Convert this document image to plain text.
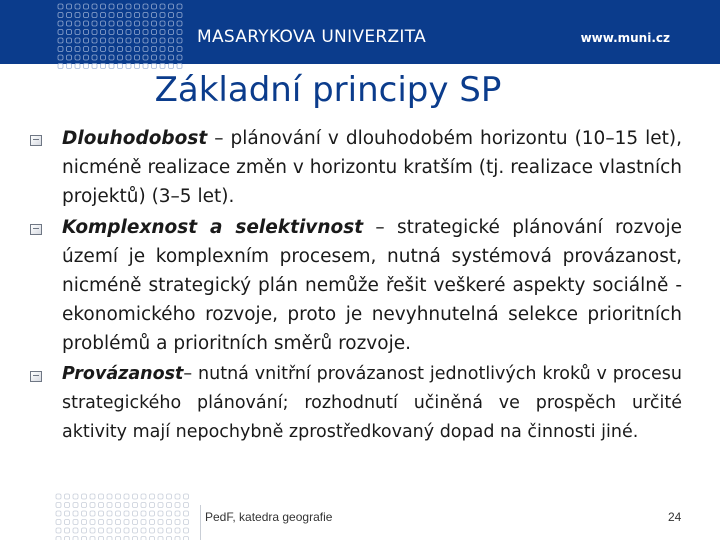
MASARYKOVA UNIVERZITA	www.muni.cz
Základní principy SP

Dlouhodobost – plánování v dlouhodobém horizontu (10–15 let), nicméně realizace změn v horizontu kratším (tj. realizace vlastních projektů) (3–5 let).

Komplexnost a selektivnost – strategické plánování rozvoje území je komplexním procesem, nutná systémová provázanost, nicméně strategický plán nemůže řešit veškeré aspekty sociálně -ekonomického rozvoje, proto je nevyhnutelná selekce prioritních problémů a prioritních směrů rozvoje.

Provázanost– nutná vnitřní provázanost jednotlivých kroků v procesu strategického plánování; rozhodnutí učiněná ve prospěch určité aktivity mají nepochybně zprostředkovaný dopad na činnosti jiné.

PedF, katedra geografie	24
